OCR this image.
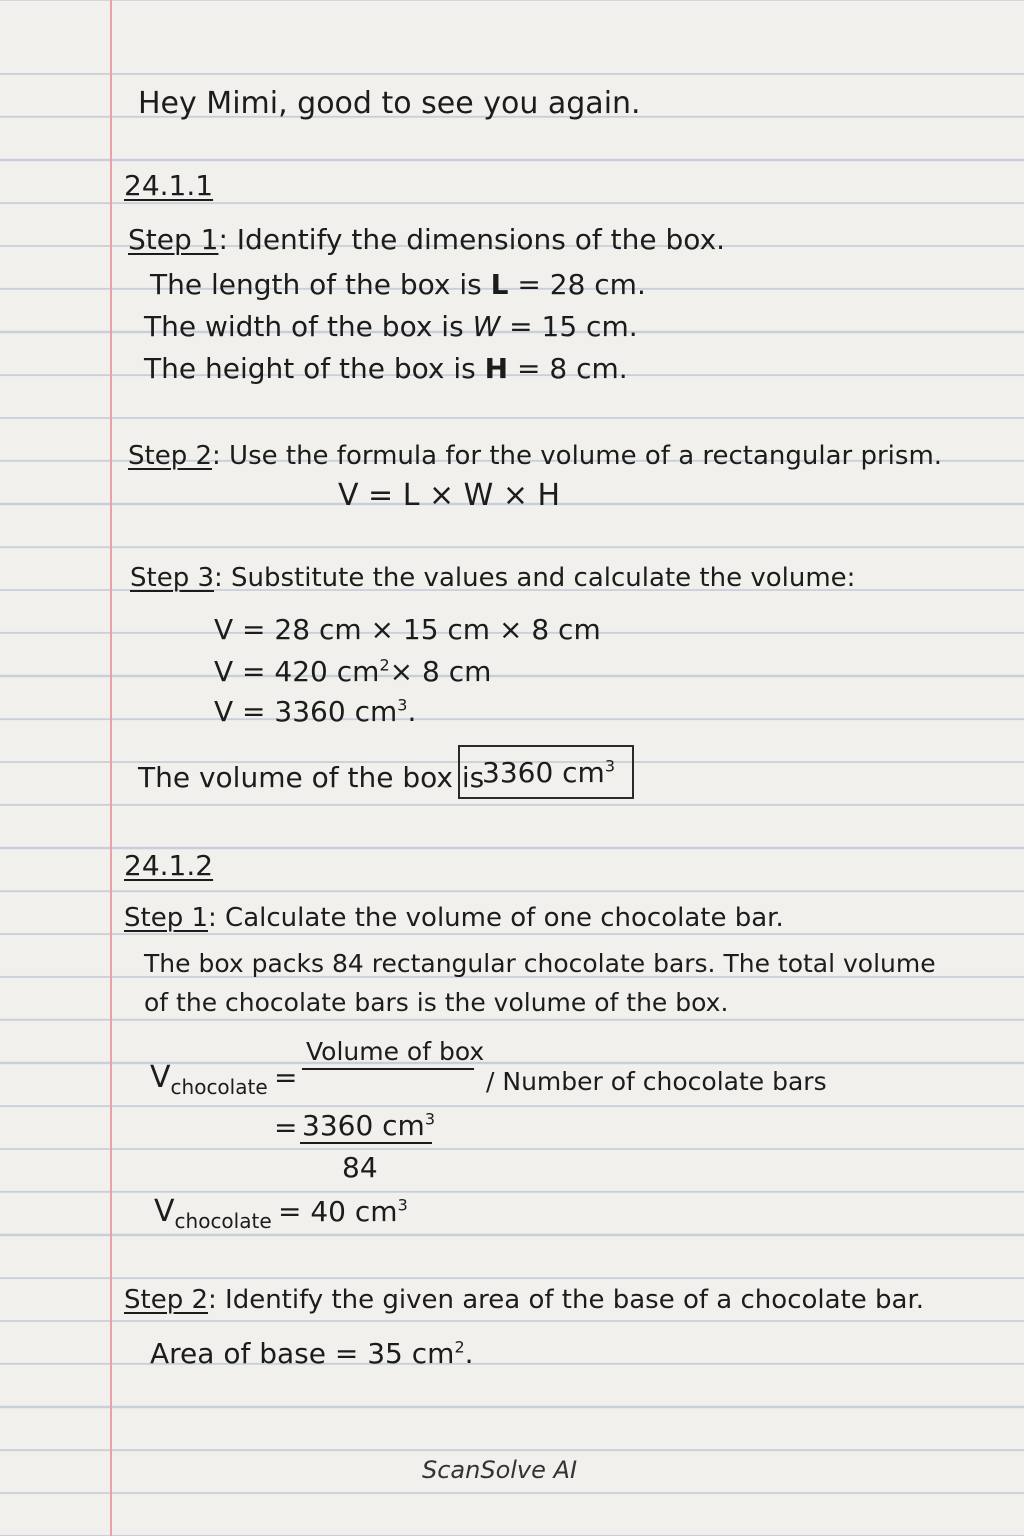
Hey Mimi, good to see you again.
24.1.1
Step 1: Identify the dimensions of the box.
The length of the box is L = 28 cm.
The width of the box is W = 15 cm.
The height of the box is H = 8 cm.
Step 2: Use the formula for the volume of a rectangular prism.
V = L × W × H
Step 3: Substitute the values and calculate the volume:
V = 28 cm × 15 cm × 8 cm
V = 420 $cm^2\times 8$ cm
V = 3360 $cm^3$.
The volume of the box is
3360 $cm^3$
24.1.2
Step 1: Calculate the volume of one chocolate bar.
The box packs 84 rectangular chocolate bars. The total volume
of the chocolate bars is the volume of the box.
$V_{chocolate}$ =
Volume of box
/ Number of chocolate bars
= 3360 $cm^3$
84
$V_{chocolate} = 40$ $cm^3$
Step 2: Identify the given area of the base of a chocolate bar.
Area of base = 35 $cm^2$.
ScanSolve AI
